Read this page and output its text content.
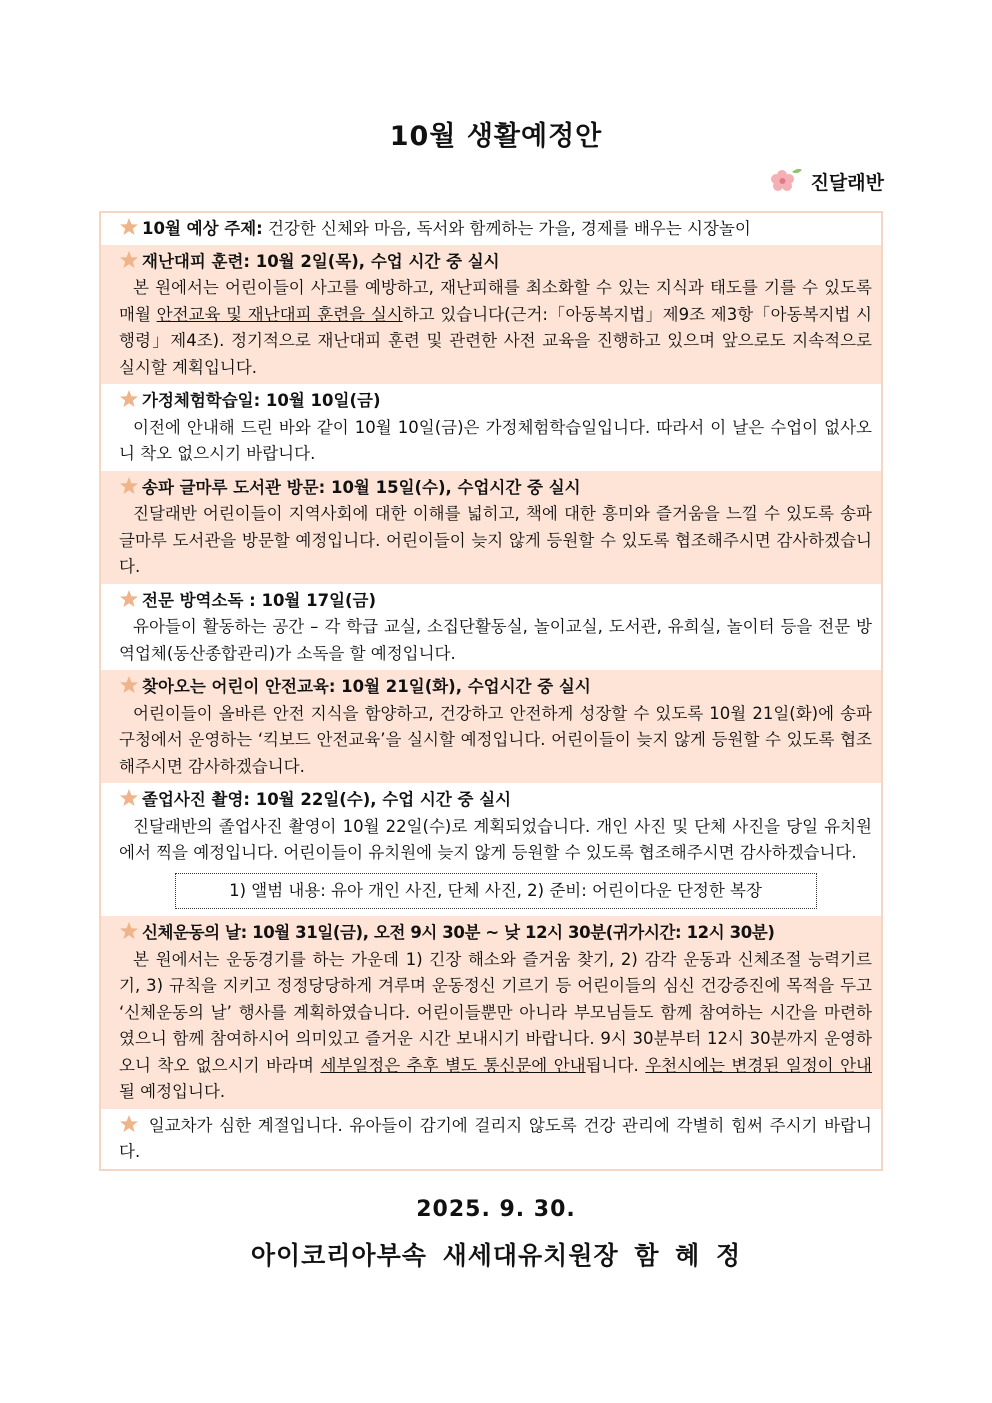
10월 생활예정안
진달래반
10월 예상 주제: 건강한 신체와 마음, 독서와 함께하는 가을, 경제를 배우는 시장놀이
재난대피 훈련: 10월 2일(목), 수업 시간 중 실시
본 원에서는 어린이들이 사고를 예방하고, 재난피해를 최소화할 수 있는 지식과 태도를 기를 수 있도록 매월 안전교육 및 재난대피 훈련을 실시하고 있습니다(근거:「아동복지법」제9조 제3항「아동복지법 시행령」제4조). 정기적으로 재난대피 훈련 및 관련한 사전 교육을 진행하고 있으며 앞으로도 지속적으로 실시할 계획입니다.
가정체험학습일: 10월 10일(금)
이전에 안내해 드린 바와 같이 10월 10일(금)은 가정체험학습일입니다. 따라서 이 날은 수업이 없사오니 착오 없으시기 바랍니다.
송파 글마루 도서관 방문: 10월 15일(수), 수업시간 중 실시
진달래반 어린이들이 지역사회에 대한 이해를 넓히고, 책에 대한 흥미와 즐거움을 느낄 수 있도록 송파 글마루 도서관을 방문할 예정입니다. 어린이들이 늦지 않게 등원할 수 있도록 협조해주시면 감사하겠습니다.
전문 방역소독 : 10월 17일(금)
유아들이 활동하는 공간 – 각 학급 교실, 소집단활동실, 놀이교실, 도서관, 유희실, 놀이터 등을 전문 방역업체(동산종합관리)가 소독을 할 예정입니다.
찾아오는 어린이 안전교육: 10월 21일(화), 수업시간 중 실시
어린이들이 올바른 안전 지식을 함양하고, 건강하고 안전하게 성장할 수 있도록 10월 21일(화)에 송파구청에서 운영하는 ‘킥보드 안전교육’을 실시할 예정입니다. 어린이들이 늦지 않게 등원할 수 있도록 협조해주시면 감사하겠습니다.
졸업사진 촬영: 10월 22일(수), 수업 시간 중 실시
진달래반의 졸업사진 촬영이 10월 22일(수)로 계획되었습니다. 개인 사진 및 단체 사진을 당일 유치원에서 찍을 예정입니다. 어린이들이 유치원에 늦지 않게 등원할 수 있도록 협조해주시면 감사하겠습니다.
1) 앨범 내용: 유아 개인 사진, 단체 사진, 2) 준비: 어린이다운 단정한 복장
신체운동의 날: 10월 31일(금), 오전 9시 30분 ~ 낮 12시 30분(귀가시간: 12시 30분)
본 원에서는 운동경기를 하는 가운데 1) 긴장 해소와 즐거움 찾기, 2) 감각 운동과 신체조절 능력기르기, 3) 규칙을 지키고 정정당당하게 겨루며 운동정신 기르기 등 어린이들의 심신 건강증진에 목적을 두고 ‘신체운동의 날’ 행사를 계획하였습니다. 어린이들뿐만 아니라 부모님들도 함께 참여하는 시간을 마련하였으니 함께 참여하시어 의미있고 즐거운 시간 보내시기 바랍니다. 9시 30분부터 12시 30분까지 운영하오니 착오 없으시기 바라며 세부일정은 추후 별도 통신문에 안내됩니다. 우천시에는 변경된 일정이 안내될 예정입니다.
일교차가 심한 계절입니다. 유아들이 감기에 걸리지 않도록 건강 관리에 각별히 힘써 주시기 바랍니다.
2025. 9. 30.
아이코리아부속 새세대유치원장 함 혜 정
